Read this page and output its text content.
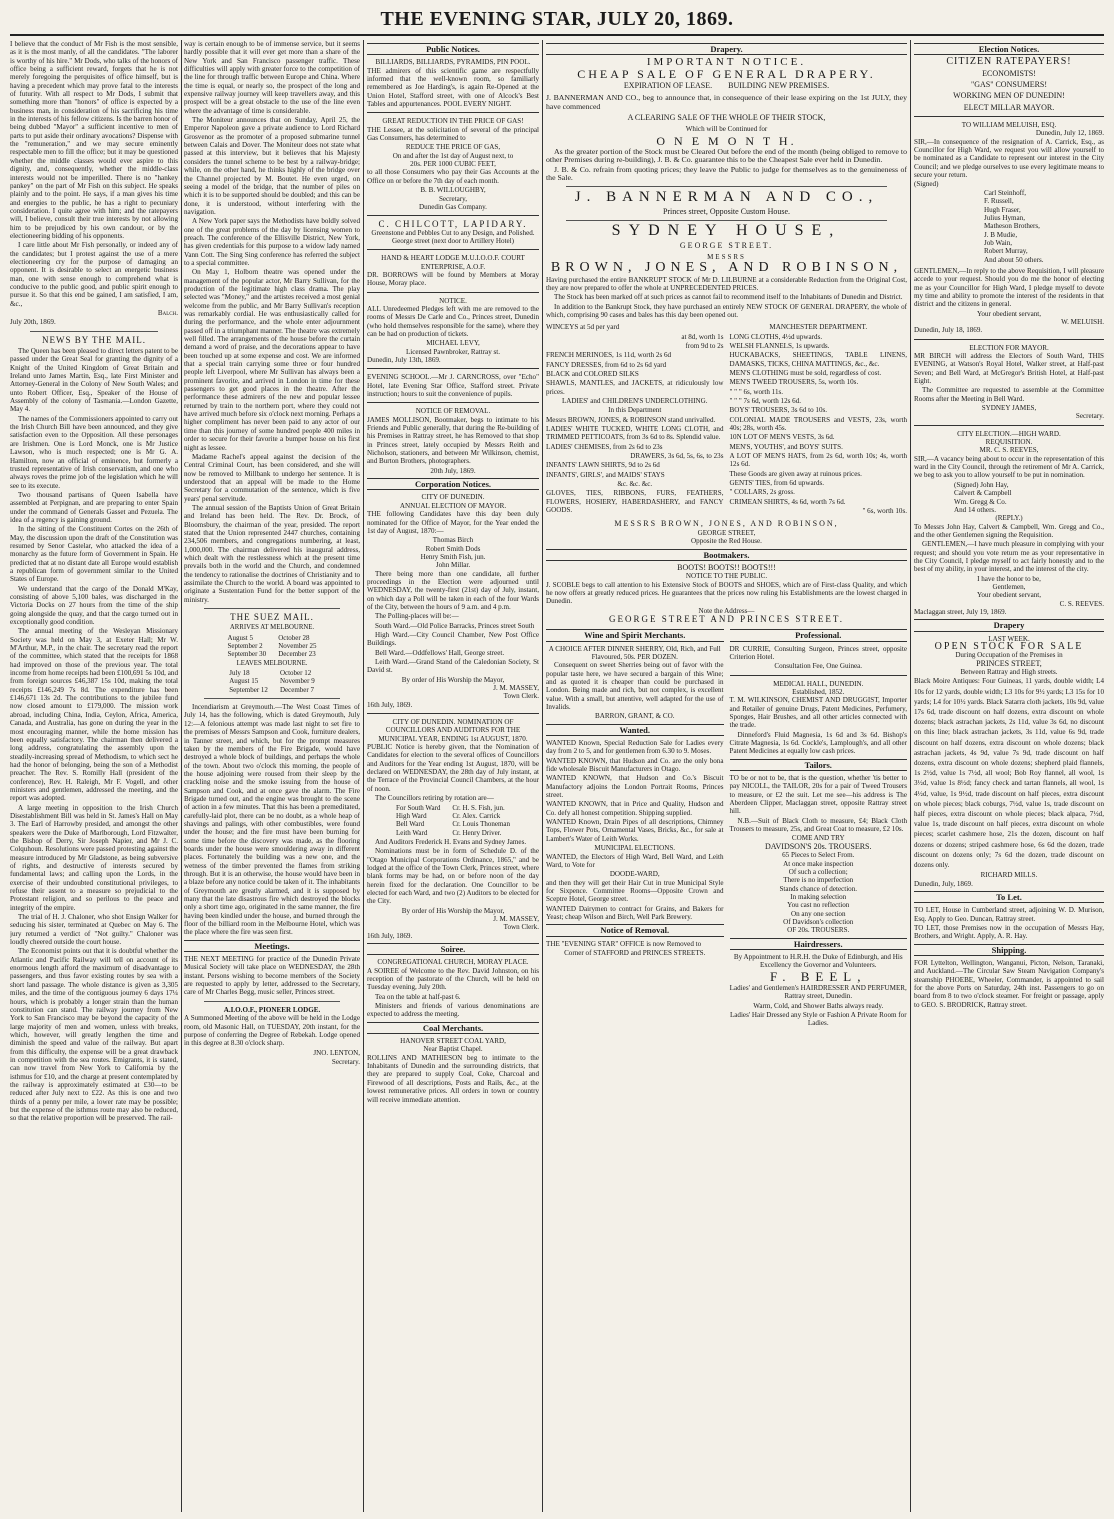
THE EVENING STAR, JULY 20, 1869.

I believe that the conduct of Mr Fish is the most sensible, as it is the most manly, of all the candidates. "The laborer is worthy of his hire." Mr Dods, who talks of the honors of office being a sufficient reward, forgets that he is not merely foregoing the perquisites of office himself, but is having a precedent which may prove fatal to the interests of futurity. With all respect to Mr Dods, I submit that something more than "honors" of office is expected by a business man, in consideration of his sacrificing his time in the interests of his fellow citizens. Is the barren honor of being dubbed "Mayor" a sufficient incentive to men of parts to put aside their ordinary avocations? Dispense with the "remuneration," and we may secure eminently respectable men to fill the office; but it may be questioned whether the middle classes would ever aspire to this dignity, and, consequently, whether the middle-class interests would not be imperilled. There is no "hankey pankey" on the part of Mr Fish on this subject. He speaks plainly and to the point. He says, if a man gives his time and energies to the public, he has a right to pecuniary consideration. I quite agree with him; and the ratepayers will, I believe, consult their true interests by not allowing him to be prejudiced by his own candour, or by the electioneering bidding of his opponents.

I care little about Mr Fish personally, or indeed any of the candidates; but I protest against the use of a mere electioneering cry for the purpose of damaging an opponent. It is desirable to select an energetic business man, one with sense enough to comprehend what is conducive to the public good, and public spirit enough to pursue it. So that this end be gained, I am satisfied, I am, &c.,

Balch.

July 20th, 1869.

NEWS BY THE MAIL.

The Queen has been pleased to direct letters patent to be passed under the Great Seal for granting the dignity of a Knight of the United Kingdom of Great Britain and Ireland unto James Martin, Esq., late First Minister and Attorney-General in the Colony of New South Wales; and unto Robert Officer, Esq., Speaker of the House of Assembly of the colony of Tasmania.—London Gazette, May 4.

The names of the Commissioners appointed to carry out the Irish Church Bill have been announced, and they give satisfaction even to the Opposition. All these personages are Irishmen. One is Lord Monck, one is Mr Justice Lawson, who is much respected; one is Mr G. A. Hamilton, now an official of eminence, but formerly a trusted representative of Irish conservatism, and one who always roves the prime job of the legislation which he will see to its execute.

Two thousand partisans of Queen Isabella have assembled at Perpignan, and are preparing to enter Spain under the command of Generals Gasset and Pezuela. The idea of a regency is gaining ground.

In the sitting of the Constituent Cortes on the 26th of May, the discussion upon the draft of the Constitution was resumed by Senor Castelar, who attacked the idea of a monarchy as the future form of Government in Spain. He predicted that at no distant date all Europe would establish a republican form of government similar to the United States of Europe.

We understand that the cargo of the Donald M'Kay, consisting of above 5,100 bales, was discharged in the Victoria Docks on 27 hours from the time of the ship going alongside the quay, and that the cargo turned out in exceptionally good condition.

The annual meeting of the Wesleyan Missionary Society was held on May 3, at Exeter Hall; Mr W. M'Arthur, M.P., in the chair. The secretary read the report of the committee, which stated that the receipts for 1868 had improved on those of the previous year. The total income from home receipts had been £100,691 5s 10d, and from foreign sources £46,387 15s 10d, making the total receipts £146,249 7s 8d. The expenditure has been £146,671 13s 2d. The contributions to the jubilee fund now closed amount to £179,000. The mission work abroad, including China, India, Ceylon, Africa, America, Canada, and Australia, has gone on during the year in the most encouraging manner, while the home mission has been equally satisfactory. The chairman then delivered a long address, congratulating the assembly upon the steadily-increasing spread of Methodism, to which sect he had the honor of belonging, being the son of a Methodist preacher. The Rev. S. Romilly Hall (president of the conference), Rev. H. Raleigh, Mr F. Vogell, and other ministers and gentlemen, addressed the meeting, and the report was adopted.

A large meeting in opposition to the Irish Church Disestablishment Bill was held in St. James's Hall on May 3. The Earl of Harrowby presided, and amongst the other speakers were the Duke of Marlborough, Lord Fitzwalter, the Bishop of Derry, Sir Joseph Napier, and Mr J. C. Colquhoun. Resolutions were passed protesting against the measure introduced by Mr Gladstone, as being subversive of rights, and destructive of interests secured by fundamental laws; and calling upon the Lords, in the exercise of their undoubted constitutional privileges, to refuse their assent to a measure so prejudicial to the Protestant religion, and so perilous to the peace and integrity of the empire.

The trial of H. J. Chaloner, who shot Ensign Walker for seducing his sister, terminated at Quebec on May 6. The jury returned a verdict of "Not guilty." Chaloner was loudly cheered outside the court house.

The Economist points out that it is doubtful whether the Atlantic and Pacific Railway will tell on account of its enormous length afford the maximum of disadvantage to passengers, and thus favor existing routes by sea with a short land passage. The whole distance is given as 3,305 miles, and the time of the contiguous journey 6 days 17¼ hours, which is probably a longer strain than the human constitution can stand. The railway journey from New York to San Francisco may be beyond the capacity of the large majority of men and women, unless with breaks, which, however, will greatly lengthen the time and diminish the speed and value of the railway. But apart from this difficulty, the expense will be a great drawback in competition with the sea routes. Emigrants, it is stated, can now travel from New York to California by the isthmus for £10, and the charge at present contemplated by the railway is approximately estimated at £30—to be reduced after July next to £22. As this is one and two thirds of a penny per mile, a lower rate may be possible; but the expense of the isthmus route may also be reduced, so that the relative proportion will be preserved. The rail-

way is certain enough to be of immense service, but it seems hardly possible that it will ever get more than a share of the New York and San Francisco passenger traffic. These difficulties will apply with greater force to the competition of the line for through traffic between Europe and China. Where the time is equal, or nearly so, the prospect of the long and expensive railway journey will keep travellers away, and this prospect will be a great obstacle to the use of the line even where the advantage of time is considerable.

The Moniteur announces that on Sunday, April 25, the Emperor Napoleon gave a private audience to Lord Richard Grosvenor as the promoter of a proposed submarine tunnel between Calais and Dover. The Moniteur does not state what passed at this interview, but it believes that his Majesty considers the tunnel scheme to be best by a railway-bridge; while, on the other hand, he thinks highly of the bridge over the Channel projected by M. Boutet. He even urged, on seeing a model of the bridge, that the number of piles on which it is to be supported should be doubled; and this can be done, it is understood, without interfering with the navigation.

A New York paper says the Methodists have boldly solved one of the great problems of the day by licensing women to preach. The conference of the Ellisville District, New York, has given credentials for this purpose to a widow lady named Vann Cott. The Sing Sing conference has referred the subject to a special committee.

On May 1, Holborn theatre was opened under the management of the popular actor, Mr Barry Sullivan, for the production of the legitimate high class drama. The play selected was "Money," and the artistes received a most genial welcome from the public, and Mr Barry Sullivan's reception was remarkably cordial. He was enthusiastically called for during the performance, and the whole enter adjournment passed off in a triumphant manner. The theatre was extremely well filled. The arrangements of the house before the curtain demand a word of praise, and the decorations appear to have been touched up at some expense and cost. We are informed that a special train carrying some three or four hundred people left Liverpool, where Mr Sullivan has always been a prominent favorite, and arrived in London in time for these passengers to get good places in the theatre. After the performance these admirers of the new and popular lessee returned by train to the northern port, where they could not have arrived much before six o'clock next morning. Perhaps a higher compliment has never been paid to any actor of our time than this journey of some hundred people 400 miles in order to secure for their favorite a bumper house on his first night as lessee.

Madame Rachel's appeal against the decision of the Central Criminal Court, has been considered, and she will now be removed to Millbank to undergo her sentence. It is understood that an appeal will be made to the Home Secretary for a commutation of the sentence, which is five years' penal servitude.

The annual session of the Baptists Union of Great Britain and Ireland has been held. The Rev. Dr. Brock, of Bloomsbury, the chairman of the year, presided. The report stated that the Union represented 2447 churches, containing 234,506 members, and congregations numbering, at least, 1,000,000. The chairman delivered his inaugural address, which dealt with the restlessness which at the present time prevails both in the world and the Church, and condemned the tendency to rationalise the doctrines of Christianity and to assimilate the Church to the world. A board was appointed to originate a Sustentation Fund for the better support of the ministry.

THE SUEZ MAIL.
ARRIVES AT MELBOURNE.
August 5	October 28
September 2	November 25
September 30	December 23
LEAVES MELBOURNE.
July 18	October 12
August 15	November 9
September 12	December 7

Incendiarism at Greymouth.—The West Coast Times of July 14, has the following, which is dated Greymouth, July 12:—A felonious attempt was made last night to set fire to the premises of Messrs Sampson and Cook, furniture dealers, in Tanner street, and which, but for the prompt measures taken by the members of the Fire Brigade, would have destroyed a whole block of buildings, and perhaps the whole of the town. About two o'clock this morning, the people of the house adjoining were roused from their sleep by the crackling noise and the smoke issuing from the house of Sampson and Cook, and at once gave the alarm. The Fire Brigade turned out, and the engine was brought to the scene of action in a few minutes. That this has been a premeditated, carefully-laid plot, there can be no doubt, as a whole heap of shavings and palings, with other combustibles, were found under the house; and the fire must have been burning for some time before the discovery was made, as the flooring boards under the house were smouldering away in different places. Fortunately the building was a new one, and the wetness of the timber prevented the flames from striking through. But it is an otherwise, the house would have been in a blaze before any notice could be taken of it. The inhabitants of Greymouth are greatly alarmed, and it is supposed by many that the late disastrous fire which destroyed the blocks only a short time ago, originated in the same manner, the fire having been kindled under the house, and burned through the floor of the billiard room in the Melbourne Hotel, which was the place where the fire was seen first.

Meetings.

THE NEXT MEETING for practice of the Dunedin Private Musical Society will take place on WEDNESDAY, the 28th instant. Persons wishing to become members of the Society are requested to apply by letter, addressed to the Secretary, care of Mr Charles Begg, music seller, Princes street.

A.I.O.O.F., PIONEER LODGE.

A Summoned Meeting of the above will be held in the Lodge room, old Masonic Hall, on TUESDAY, 20th instant, for the purpose of conferring the Degree of Rebekah. Lodge opened in this degree at 8.30 o'clock sharp.

JNO. LENTON,

Secretary.

Public Notices.
BILLIARDS, BILLIARDS, PYRAMIDS, PIN POOL.

THE admirers of this scientific game are respectfully informed that the well-known room, so familiarly remembered as Joe Harding's, is again Re-Opened at the Union Hotel, Stafford street, with one of Alcock's Best Tables and appurtenances. POOL EVERY NIGHT.

GREAT REDUCTION IN THE PRICE OF GAS!

THE Lessee, at the solicitation of several of the principal Gas Consumers, has determined to

REDUCE THE PRICE OF GAS,
On and after the 1st day of August next, to
20s. PER 1000 CUBIC FEET,

to all those Consumers who pay their Gas Accounts at the Office on or before the 7th day of each month.

B. B. WILLOUGHBY,
Secretary,
Dunedin Gas Company.
C. CHILCOTT, LAPIDARY.
Greenstone and Pebbles Cut to any Design, and Polished.
George street (next door to Artillery Hotel)
HAND & HEART LODGE M.U.I.O.O.F. COURT ENTERPRISE, A.O.F.

DR. BORROWS will be found by Members at Moray House, Moray place.

NOTICE.

ALL Unredeemed Pledges left with me are removed to the rooms of Messrs De Carle and Co., Princes street, Dunedin (who hold themselves responsible for the same), where they can be had on production of tickets.

MICHAEL LEVY,
Licensed Pawnbroker, Rattray st.
Dunedin, July 13th, 1869.

EVENING SCHOOL.—Mr J. CARNCROSS, over "Echo" Hotel, late Evening Star Office, Stafford street. Private instruction; hours to suit the convenience of pupils.

NOTICE OF REMOVAL.

JAMES MOLLISON, Bootmaker, begs to intimate to his Friends and Public generally, that during the Re-building of his Premises in Rattray street, he has Removed to that shop in Princes street, lately occupied by Messrs Reith and Nicholson, stationers, and between Mr Wilkinson, chemist, and Burton Brothers, photographers.

20th July, 1869.
Corporation Notices.
CITY OF DUNEDIN.
ANNUAL ELECTION OF MAYOR.

THE following Candidates have this day been duly nominated for the Office of Mayor, for the Year ended the 1st day of August, 1870:—

Thomas Birch
Robert Smith Dods
Henry Smith Fish, jun.
John Millar.

There being more than one candidate, all further proceedings in the Election were adjourned until WEDNESDAY, the twenty-first (21st) day of July, instant, on which day a Poll will be taken in each of the four Wards of the City, between the hours of 9 a.m. and 4 p.m.

The Polling-places will be:—

South Ward.—Old Police Barracks, Princes street South

High Ward.—City Council Chamber, New Post Office Buildings.

Bell Ward.—Oddfellows' Hall, George street.

Leith Ward.—Grand Stand of the Caledonian Society, St David st.

By order of His Worship the Mayor,
J. M. MASSEY,
Town Clerk.
16th July, 1869.
CITY OF DUNEDIN. NOMINATION OF COUNCILLORS AND AUDITORS FOR THE MUNICIPAL YEAR, ENDING 1st AUGUST, 1870.

PUBLIC Notice is hereby given, that the Nomination of Candidates for election to the several offices of Councillors and Auditors for the Year ending 1st August, 1870, will be declared on WEDNESDAY, the 28th day of July instant, at the Terrace of the Provincial Council Chambers, at the hour of noon.

The Councillors retiring by rotation are—

For South Ward	Cr. H. S. Fish, jun.
High Ward	Cr. Alex. Carrick
Bell Ward	Cr. Louis Thoneman
Leith Ward	Cr. Henry Driver.

And Auditors Frederick H. Evans and Sydney James.

Nominations must be in form of Schedule D. of the "Otago Municipal Corporations Ordinance, 1865," and be lodged at the office of the Town Clerk, Princes street, where blank forms may be had, on or before noon of the day herein fixed for the declaration. One Councillor to be elected for each Ward, and two (2) Auditors to be elected for the City.

By order of His Worship the Mayor,
J. M. MASSEY,
Town Clerk.
16th July, 1869.
Soiree.
CONGREGATIONAL CHURCH, MORAY PLACE.

A SOIREE of Welcome to the Rev. David Johnston, on his reception of the pastorate of the Church, will be held on Tuesday evening, July 20th.

Tea on the table at half-past 6.

Ministers and friends of various denominations are expected to address the meeting.

Coal Merchants.
HANOVER STREET COAL YARD,
Near Baptist Chapel.

ROLLINS AND MATHIESON beg to intimate to the Inhabitants of Dunedin and the surrounding districts, that they are prepared to supply Coal, Coke, Charcoal and Firewood of all descriptions, Posts and Rails, &c., at the lowest remunerative prices. All orders in town or country will receive immediate attention.

Drapery.
IMPORTANT NOTICE.
CHEAP SALE OF GENERAL DRAPERY.
EXPIRATION OF LEASE.        BUILDING NEW PREMISES.

J. BANNERMAN AND CO., beg to announce that, in consequence of their lease expiring on the 1st JULY, they have commenced

A CLEARING SALE OF THE WHOLE OF THEIR STOCK,
Which will be Continued for
O N E M O N T H.

As the greater portion of the Stock must be Cleared Out before the end of the month (being obliged to remove to other Premises during re-building), J. B. & Co. guarantee this to be the Cheapest Sale ever held in Dunedin.

J. B. & Co. refrain from quoting prices; they leave the Public to judge for themselves as to the genuineness of the Sale.

J. BANNERMAN AND CO.,
Princes street, Opposite Custom House.
SYDNEY HOUSE,
GEORGE STREET.
MESSRS
BROWN, JONES, AND ROBINSON,

Having purchased the entire BANKRUPT STOCK of Mr D. LILBURNE at a considerable Reduction from the Original Cost, they are now prepared to offer the whole at UNPRECEDENTED PRICES.

The Stock has been marked off at such prices as cannot fail to recommend itself to the Inhabitants of Dunedin and District.

In addition to the Bankrupt Stock, they have purchased an entirely NEW STOCK OF GENERAL DRAPERY, the whole of which, comprising 90 cases and bales has this day been opened out.

WINCEYS at 5d per yard

at 8d, worth 1s

from 9d to 2s

FRENCH MERINOES, 1s 11d, worth 2s 6d

FANCY DRESSES, from 6d to 2s 6d yard

BLACK and COLORED SILKS

SHAWLS, MANTLES, and JACKETS, at ridiculously low prices.

LADIES' and CHILDREN'S UNDERCLOTHING.

In this Department

Messrs BROWN, JONES, & ROBINSON stand unrivalled.

LADIES' WHITE TUCKED, WHITE LONG CLOTH, and TRIMMED PETTICOATS, from 3s 6d to 8s. Splendid value.

LADIES' CHEMISES, from 2s 6d to 23s

DRAWERS, 3s 6d, 5s, 6s, to 23s

INFANTS' LAWN SHIRTS, 9d to 2s 6d

INFANTS', GIRLS', and MAIDS' STAYS

&c. &c. &c.

GLOVES, TIES, RIBBONS, FURS, FEATHERS, FLOWERS, HOSIERY, HABERDASHERY, and FANCY GOODS.

MANCHESTER DEPARTMENT.

LONG CLOTHS, 4½d upwards.

WELSH FLANNELS, 1s upwards.

HUCKABACKS, SHEETINGS, TABLE LINENS, DAMASKS, TICKS, CHINA MATTINGS, &c., &c.

MEN'S CLOTHING must be sold, regardless of cost.

MEN'S TWEED TROUSERS, 5s, worth 10s.

" " " 6s, worth 11s.

" " " 7s 6d, worth 12s 6d.

BOYS' TROUSERS, 3s 6d to 10s.

COLONIAL MADE TROUSERS and VESTS, 23s, worth 40s; 28s, worth 45s.

10N LOT OF MEN'S VESTS, 3s 6d.

MEN'S, YOUTHS', and BOYS' SUITS.

A LOT OF MEN'S HATS, from 2s 6d, worth 10s; 4s, worth 12s 6d.

These Goods are given away at ruinous prices.

GENTS' TIES, from 6d upwards.

" COLLARS, 2s gross.

CRIMEAN SHIRTS, 4s 6d, worth 7s 6d.

" 6s, worth 10s.

MESSRS BROWN, JONES, AND ROBINSON,
GEORGE STREET,
Opposite the Red House.
Bootmakers.
BOOTS! BOOTS!! BOOTS!!!
NOTICE TO THE PUBLIC.

J. SCOBLE begs to call attention to his Extensive Stock of BOOTS and SHOES, which are of First-class Quality, and which he now offers at greatly reduced prices. He guarantees that the prices now ruling his Establishments are the lowest charged in Dunedin.

Note the Address—
GEORGE STREET AND PRINCES STREET.
Wine and Spirit Merchants.
A CHOICE AFTER DINNER SHERRY, Old, Rich, and Full Flavoured, 50s. PER DOZEN.

Consequent on sweet Sherries being out of favor with the popular taste here, we have secured a bargain of this Wine; and as quoted it is cheaper than could be purchased in London. Being made and rich, but not complex, is excellent value. With a small, but attentive, well adapted for the use of Invalids.

BARRON, GRANT, & CO.
Wanted.

WANTED Known, Special Reduction Sale for Ladies every day from 2 to 5, and for gentlemen from 6.30 to 9. Moses.

WANTED KNOWN, that Hudson and Co. are the only bona fide wholesale Biscuit Manufacturers in Otago.

WANTED KNOWN, that Hudson and Co.'s Biscuit Manufactory adjoins the London Portrait Rooms, Princes street.

WANTED KNOWN, that in Price and Quality, Hudson and Co. defy all honest competition. Shipping supplied.

WANTED Known, Drain Pipes of all descriptions, Chimney Tops, Flower Pots, Ornamental Vases, Bricks, &c., for sale at Lambert's Water of Leith Works.

MUNICIPAL ELECTIONS.

WANTED, the Electors of High Ward, Bell Ward, and Leith Ward, to Vote for

DOODE-WARD,

and then they will get their Hair Cut in true Municipal Style for Sixpence. Committee Rooms—Opposite Crown and Sceptre Hotel, George street.

WANTED Dairymen to contract for Grains, and Bakers for Yeast; cheap Wilson and Birch, Well Park Brewery.

Notice of Removal.

THE "EVENING STAR" OFFICE is now Removed to

Corner of STAFFORD and PRINCES STREETS.
Professional.

DR CURRIE, Consulting Surgeon, Princes street, opposite Criterion Hotel.

Consultation Fee, One Guinea.
MEDICAL HALL, DUNEDIN.
Established, 1852.

T. M. WILKINSON, CHEMIST AND DRUGGIST, Importer and Retailer of genuine Drugs, Patent Medicines, Perfumery, Sponges, Hair Brushes, and all other articles connected with the trade.

Dinneford's Fluid Magnesia, 1s 6d and 3s 6d. Bishop's Citrate Magnesia, 1s 6d. Cockle's, Lamplough's, and all other Patent Medicines at equally low cash prices.

Tailors.

TO be or not to be, that is the question, whether 'tis better to pay NICOLL, the TAILOR, 20s for a pair of Tweed Trousers to measure, or £2 the suit. Let me see—his address is The Aberdeen Clipper, Maclaggan street, opposite Rattray street hill.

N.B.—Suit of Black Cloth to measure, £4; Black Cloth Trousers to measure, 25s, and Great Coat to measure, £2 10s.

COME AND TRY
DAVIDSON'S 20s. TROUSERS.
65 Pieces to Select From.
At once make inspection
Of such a collection;
There is no imperfection
Stands chance of detection.
In making selection
You cast no reflection
On any one section
Of Davidson's collection
OF 20s. TROUSERS.
Hairdressers.

By Appointment to H.R.H. the Duke of Edinburgh, and His Excellency the Governor and Volunteers.

F. BEEL,

Ladies' and Gentlemen's HAIRDRESSER AND PERFUMER, Rattray street, Dunedin.

Warm, Cold, and Shower Baths always ready.

Ladies' Hair Dressed any Style or Fashion A Private Room for Ladies.

Election Notices.
CITIZEN RATEPAYERS!
ECONOMISTS!
"GAS" CONSUMERS!
WORKING MEN OF DUNEDIN!
ELECT MILLAR MAYOR.
TO WILLIAM MELUISH, ESQ.
Dunedin, July 12, 1869.

SIR,—In consequence of the resignation of A. Carrick, Esq., as Councillor for High Ward, we request you will allow yourself to be nominated as a Candidate to represent our interest in the City Council; and we pledge ourselves to use every legitimate means to secure your return.

(Signed)
Carl Steinhoff,
F. Russell,
Hugh Fraser,
Julius Hyman,
Matheson Brothers,
J. B Mudie,
Job Wain,
Robert Murray,
And about 50 others.

GENTLEMEN,—In reply to the above Requisition, I will pleasure accede to your request. Should you do me the honor of electing me as your Councillor for High Ward, I pledge myself to devote my time and ability to promote the interest of the residents in that district and the citizens in general.

Your obedient servant,
W. MELUISH.
Dunedin, July 18, 1869.
ELECTION FOR MAYOR.

MR BIRCH will address the Electors of South Ward, THIS EVENING, at Watson's Royal Hotel, Walker street, at Half-past Seven; and Bell Ward, at McGregor's British Hotel, at Half-past Eight.

The Committee are requested to assemble at the Committee Rooms after the Meeting in Bell Ward.

SYDNEY JAMES,
Secretary.
CITY ELECTION.—HIGH WARD.
REQUISITION.
MR. C. S. REEVES,

SIR,—A vacancy being about to occur in the representation of this ward in the City Council, through the retirement of Mr A. Carrick, we beg to ask you to allow yourself to be put in nomination.

(Signed) John Hay,
Calvert & Campbell
Wm. Gregg & Co.
And 14 others.
(REPLY.)

To Messrs John Hay, Calvert & Campbell, Wm. Gregg and Co., and the other Gentlemen signing the Requisition.

GENTLEMEN,—I have much pleasure in complying with your request; and should you vote return me as your representative in the City Council, I pledge myself to act fairly honestly and to the best of my ability, in your interest, and the interest of the city.

I have the honor to be,
Gentlemen,
Your obedient servant,
C. S. REEVES.
Maclaggan street, July 19, 1869.
Drapery
LAST WEEK.
OPEN STOCK FOR SALE
During Occupation of the Premises in
PRINCES STREET,
Between Rattray and High streets.

Black Moire Antiques: Four Guineas, 11 yards, double width; L4 10s for 12 yards, double width; L3 10s for 9½ yards; L3 15s for 10 yards; L4 for 10½ yards. Black Satarra cloth jackets, 10s 9d, value 17s 6d, trade discount on half dozens, extra discount on whole dozens; black astrachan jackets, 2s 11d, value 3s 6d, no discount on this line; black astrachan jackets, 3s 11d, value 6s 9d, trade discount on half dozens, extra discount on whole dozens; black astrachan jackets, 4s 9d, value 7s 9d, trade discount on half dozens, extra discount on whole dozens; shepherd plaid flannels, 1s 2½d, value 1s 7½d, all wool; Bob Roy flannel, all wool, 1s 3½d, value 1s 8½d; fancy check and tartan flannels, all wool, 1s 4½d, value, 1s 9½d, trade discount on half pieces, extra discount on whole pieces; black coburgs, 7½d, value 1s, trade discount on half pieces, extra discount on whole pieces; black alpaca, 7½d, value 1s, trade discount on half pieces, extra discount on whole pieces; scarlet cashmere hose, 21s the dozen, discount on half dozens or dozens; striped cashmere hose, 6s 6d the dozen, trade discount on dozens only; 7s 6d the dozen, trade discount on dozens only.

RICHARD MILLS.
Dunedin, July, 1869.
To Let.

TO LET, House in Cumberland street, adjoining W. D. Murison, Esq. Apply to Geo. Duncan, Rattray street.

TO LET, those Premises now in the occupation of Messrs Hay, Brothers, and Wright. Apply, A. R. Hay.

Shipping.

FOR Lyttelton, Wellington, Wanganui, Picton, Nelson, Taranaki, and Auckland.—The Circular Saw Steam Navigation Company's steamship PHOEBE, Wheeler, Commander, is appointed to sail for the above Ports on Saturday, 24th inst. Passengers to go on board from 8 to two o'clock steamer. For freight or passage, apply to GEO. S. BRODRICK, Rattray street.
